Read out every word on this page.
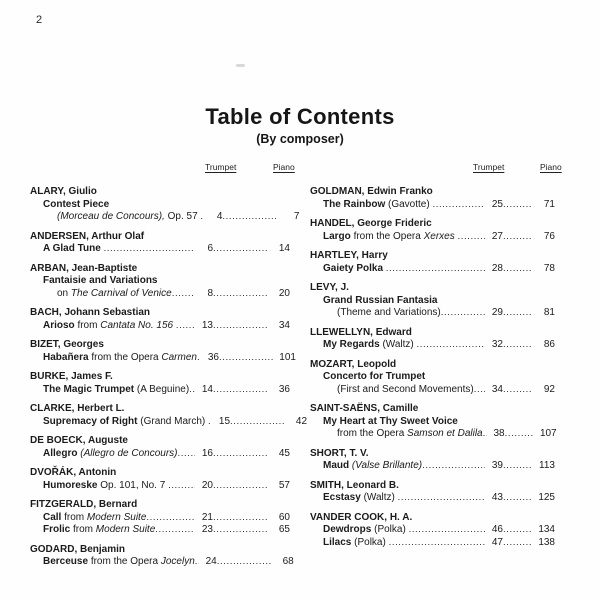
2
Table of Contents
(By composer)
Trumpet	Piano
ALARY, Giulio
Contest Piece
(Morceau de Concours), Op. 57 .....	4 .....	7
ANDERSEN, Arthur Olaf
A Glad Tune .....	6 .....	14
ARBAN, Jean-Baptiste
Fantaisie and Variations
on The Carnival of Venice .....	8 .....	20
BACH, Johann Sebastian
Arioso from Cantata No. 156 .....	13 .....	34
BIZET, Georges
Habañera from the Opera Carmen .....	36 .....	101
BURKE, James F.
The Magic Trumpet (A Beguine) .....	14 .....	36
CLARKE, Herbert L.
Supremacy of Right (Grand March) .....	15 .....	42
DE BOECK, Auguste
Allegro (Allegro de Concours) .....	16 .....	45
DVOŘÁK, Antonin
Humoreske Op. 101, No. 7 .....	20 .....	57
FITZGERALD, Bernard
Call from Modern Suite .....	21 .....	60
Frolic from Modern Suite .....	23 .....	65
GODARD, Benjamin
Berceuse from the Opera Jocelyn .....	24 .....	68
Trumpet	Piano
GOLDMAN, Edwin Franko
The Rainbow (Gavotte) .....	25 .....	71
HANDEL, George Frideric
Largo from the Opera Xerxes .....	27 .....	76
HARTLEY, Harry
Gaiety Polka .....	28 .....	78
LEVY, J.
Grand Russian Fantasia
(Theme and Variations) .....	29 .....	81
LLEWELLYN, Edward
My Regards (Waltz) .....	32 .....	86
MOZART, Leopold
Concerto for Trumpet
(First and Second Movements) .....	34 .....	92
SAINT-SAËNS, Camille
My Heart at Thy Sweet Voice
from the Opera Samson et Dalila .....	38 .....	107
SHORT, T. V.
Maud (Valse Brillante) .....	39 .....	113
SMITH, Leonard B.
Ecstasy (Waltz) .....	43 .....	125
VANDER COOK, H. A.
Dewdrops (Polka) .....	46 .....	134
Lilacs (Polka) .....	47 .....	138
